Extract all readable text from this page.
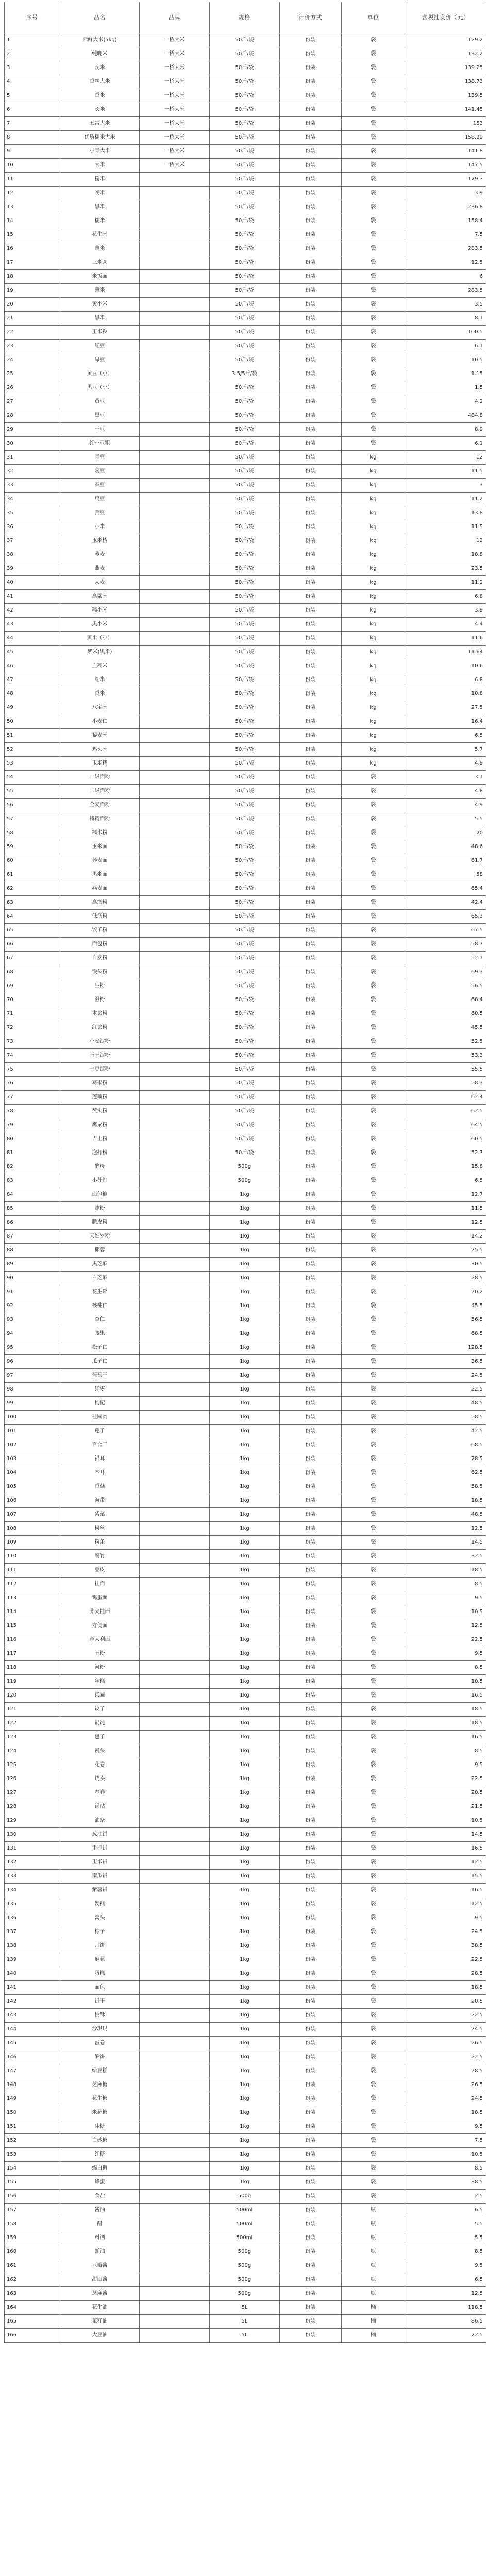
序号	品名	品牌	规格	计价方式	单位	含税批发价（元）
1	西鲜大米(5kg)	一桥大米	50斤/袋	份装	袋	129.2
2	纯晚米	一桥大米	50斤/袋	份装	袋	132.2
3	晚米	一桥大米	50斤/袋	份装	袋	139.25
4	香丝大米	一桥大米	50斤/袋	份装	袋	138.73
5	香米	一桥大米	50斤/袋	份装	袋	139.5
6	长米	一桥大米	50斤/袋	份装	袋	141.45
7	五常大米	一桥大米	50斤/袋	份装	袋	153
8	优质糯米大米	一桥大米	50斤/袋	份装	袋	158.29
9	小青大米	一桥大米	50斤/袋	份装	袋	141.8
10	大米	一桥大米	50斤/袋	份装	袋	147.5
11	糙米		50斤/袋	份装	袋	179.3
12	晚米		50斤/袋	份装	袋	3.9
13	黑米		50斤/袋	份装	袋	236.8
14	糯米		50斤/袋	份装	袋	158.4
15	花生米		50斤/袋	份装	袋	7.5
16	薏米		50斤/袋	份装	袋	283.5
17	三米粥		50斤/袋	份装	袋	12.5
18	米饭面		50斤/袋	份装	袋	6
19	薏米		50斤/袋	份装	袋	283.5
20	黄小米		50斤/袋	份装	袋	3.5
21	黑米		50斤/袋	份装	袋	8.1
22	玉米粒		50斤/袋	份装	袋	100.5
23	红豆		50斤/袋	份装	袋	6.1
24	绿豆		50斤/袋	份装	袋	10.5
25	黄豆（小）		3.5/5斤/袋	份装	袋	1.15
26	黑豆（小）		50斤/袋	份装	袋	1.5
27	黄豆		50斤/袋	份装	袋	4.2
28	黑豆		50斤/袋	份装	袋	484.8
29	干豆		50斤/袋	份装	袋	8.9
30	红小豆粗		50斤/袋	份装	袋	6.1
31	青豆		50斤/袋	份装	kg	12
32	豌豆		50斤/袋	份装	kg	11.5
33	蚕豆		50斤/袋	份装	kg	3
34	扁豆		50斤/袋	份装	kg	11.2
35	芸豆		50斤/袋	份装	kg	13.8
36	小米		50斤/袋	份装	kg	11.5
37	玉米楂		50斤/袋	份装	kg	12
38	荞麦		50斤/袋	份装	kg	18.8
39	燕麦		50斤/袋	份装	kg	23.5
40	大麦		50斤/袋	份装	kg	11.2
41	高粱米		50斤/袋	份装	kg	6.8
42	糯小米		50斤/袋	份装	kg	3.9
43	黑小米		50斤/袋	份装	kg	4.4
44	黄米（小）		50斤/袋	份装	kg	11.6
45	紫米(黑米)		50斤/袋	份装	kg	11.64
46	血糯米		50斤/袋	份装	kg	10.6
47	红米		50斤/袋	份装	kg	6.8
48	香米		50斤/袋	份装	kg	10.8
49	八宝米		50斤/袋	份装	kg	27.5
50	小麦仁		50斤/袋	份装	kg	16.4
51	藜麦米		50斤/袋	份装	kg	6.5
52	鸡头米		50斤/袋	份装	kg	5.7
53	玉米糁		50斤/袋	份装	kg	4.9
54	一级面粉		50斤/袋	份装	袋	3.1
55	二级面粉		50斤/袋	份装	袋	4.8
56	全麦面粉		50斤/袋	份装	袋	4.9
57	特精面粉		50斤/袋	份装	袋	5.5
58	糯米粉		50斤/袋	份装	袋	20
59	玉米面		50斤/袋	份装	袋	48.6
60	荞麦面		50斤/袋	份装	袋	61.7
61	黑米面		50斤/袋	份装	袋	58
62	燕麦面		50斤/袋	份装	袋	65.4
63	高筋粉		50斤/袋	份装	袋	42.4
64	低筋粉		50斤/袋	份装	袋	65.3
65	饺子粉		50斤/袋	份装	袋	67.5
66	面包粉		50斤/袋	份装	袋	58.7
67	自发粉		50斤/袋	份装	袋	52.1
68	馒头粉		50斤/袋	份装	袋	69.3
69	生粉		50斤/袋	份装	袋	56.5
70	澄粉		50斤/袋	份装	袋	68.4
71	木薯粉		50斤/袋	份装	袋	60.5
72	红薯粉		50斤/袋	份装	袋	45.5
73	小麦淀粉		50斤/袋	份装	袋	52.5
74	玉米淀粉		50斤/袋	份装	袋	53.3
75	土豆淀粉		50斤/袋	份装	袋	55.5
76	葛根粉		50斤/袋	份装	袋	58.3
77	莲藕粉		50斤/袋	份装	袋	62.4
78	芡实粉		50斤/袋	份装	袋	62.5
79	鹰粟粉		50斤/袋	份装	袋	64.5
80	吉士粉		50斤/袋	份装	袋	60.5
81	泡打粉		50斤/袋	份装	袋	52.7
82	酵母		500g	份装	袋	15.8
83	小苏打		500g	份装	袋	6.5
84	面包糠		1kg	份装	袋	12.7
85	炸粉		1kg	份装	袋	11.5
86	脆皮粉		1kg	份装	袋	12.5
87	天妇罗粉		1kg	份装	袋	14.2
88	椰蓉		1kg	份装	袋	25.5
89	黑芝麻		1kg	份装	袋	30.5
90	白芝麻		1kg	份装	袋	28.5
91	花生碎		1kg	份装	袋	20.2
92	核桃仁		1kg	份装	袋	45.5
93	杏仁		1kg	份装	袋	56.5
94	腰果		1kg	份装	袋	68.5
95	松子仁		1kg	份装	袋	128.5
96	瓜子仁		1kg	份装	袋	36.5
97	葡萄干		1kg	份装	袋	24.5
98	红枣		1kg	份装	袋	22.5
99	枸杞		1kg	份装	袋	48.5
100	桂圆肉		1kg	份装	袋	58.5
101	莲子		1kg	份装	袋	42.5
102	百合干		1kg	份装	袋	68.5
103	银耳		1kg	份装	袋	78.5
104	木耳		1kg	份装	袋	62.5
105	香菇		1kg	份装	袋	58.5
106	海带		1kg	份装	袋	18.5
107	紫菜		1kg	份装	袋	48.5
108	粉丝		1kg	份装	袋	12.5
109	粉条		1kg	份装	袋	14.5
110	腐竹		1kg	份装	袋	32.5
111	豆皮		1kg	份装	袋	18.5
112	挂面		1kg	份装	袋	8.5
113	鸡蛋面		1kg	份装	袋	9.5
114	荞麦挂面		1kg	份装	袋	10.5
115	方便面		1kg	份装	袋	12.5
116	意大利面		1kg	份装	袋	22.5
117	米粉		1kg	份装	袋	9.5
118	河粉		1kg	份装	袋	8.5
119	年糕		1kg	份装	袋	10.5
120	汤圆		1kg	份装	袋	16.5
121	饺子		1kg	份装	袋	18.5
122	馄饨		1kg	份装	袋	18.5
123	包子		1kg	份装	袋	16.5
124	馒头		1kg	份装	袋	8.5
125	花卷		1kg	份装	袋	9.5
126	烧卖		1kg	份装	袋	22.5
127	春卷		1kg	份装	袋	20.5
128	锅贴		1kg	份装	袋	21.5
129	油条		1kg	份装	袋	10.5
130	葱油饼		1kg	份装	袋	14.5
131	手抓饼		1kg	份装	袋	16.5
132	玉米饼		1kg	份装	袋	12.5
133	南瓜饼		1kg	份装	袋	15.5
134	紫薯饼		1kg	份装	袋	16.5
135	发糕		1kg	份装	袋	12.5
136	窝头		1kg	份装	袋	9.5
137	粽子		1kg	份装	袋	24.5
138	月饼		1kg	份装	袋	38.5
139	麻花		1kg	份装	袋	22.5
140	蛋糕		1kg	份装	袋	28.5
141	面包		1kg	份装	袋	18.5
142	饼干		1kg	份装	袋	20.5
143	桃酥		1kg	份装	袋	22.5
144	沙琪玛		1kg	份装	袋	24.5
145	蛋卷		1kg	份装	袋	26.5
146	酥饼		1kg	份装	袋	22.5
147	绿豆糕		1kg	份装	袋	28.5
148	芝麻糖		1kg	份装	袋	26.5
149	花生糖		1kg	份装	袋	24.5
150	米花糖		1kg	份装	袋	18.5
151	冰糖		1kg	份装	袋	9.5
152	白砂糖		1kg	份装	袋	7.5
153	红糖		1kg	份装	袋	10.5
154	绵白糖		1kg	份装	袋	8.5
155	蜂蜜		1kg	份装	袋	38.5
156	食盐		500g	份装	袋	2.5
157	酱油		500ml	份装	瓶	6.5
158	醋		500ml	份装	瓶	5.5
159	料酒		500ml	份装	瓶	5.5
160	蚝油		500g	份装	瓶	8.5
161	豆瓣酱		500g	份装	瓶	9.5
162	甜面酱		500g	份装	瓶	6.5
163	芝麻酱		500g	份装	瓶	12.5
164	花生油		5L	份装	桶	118.5
165	菜籽油		5L	份装	桶	86.5
166	大豆油		5L	份装	桶	72.5
